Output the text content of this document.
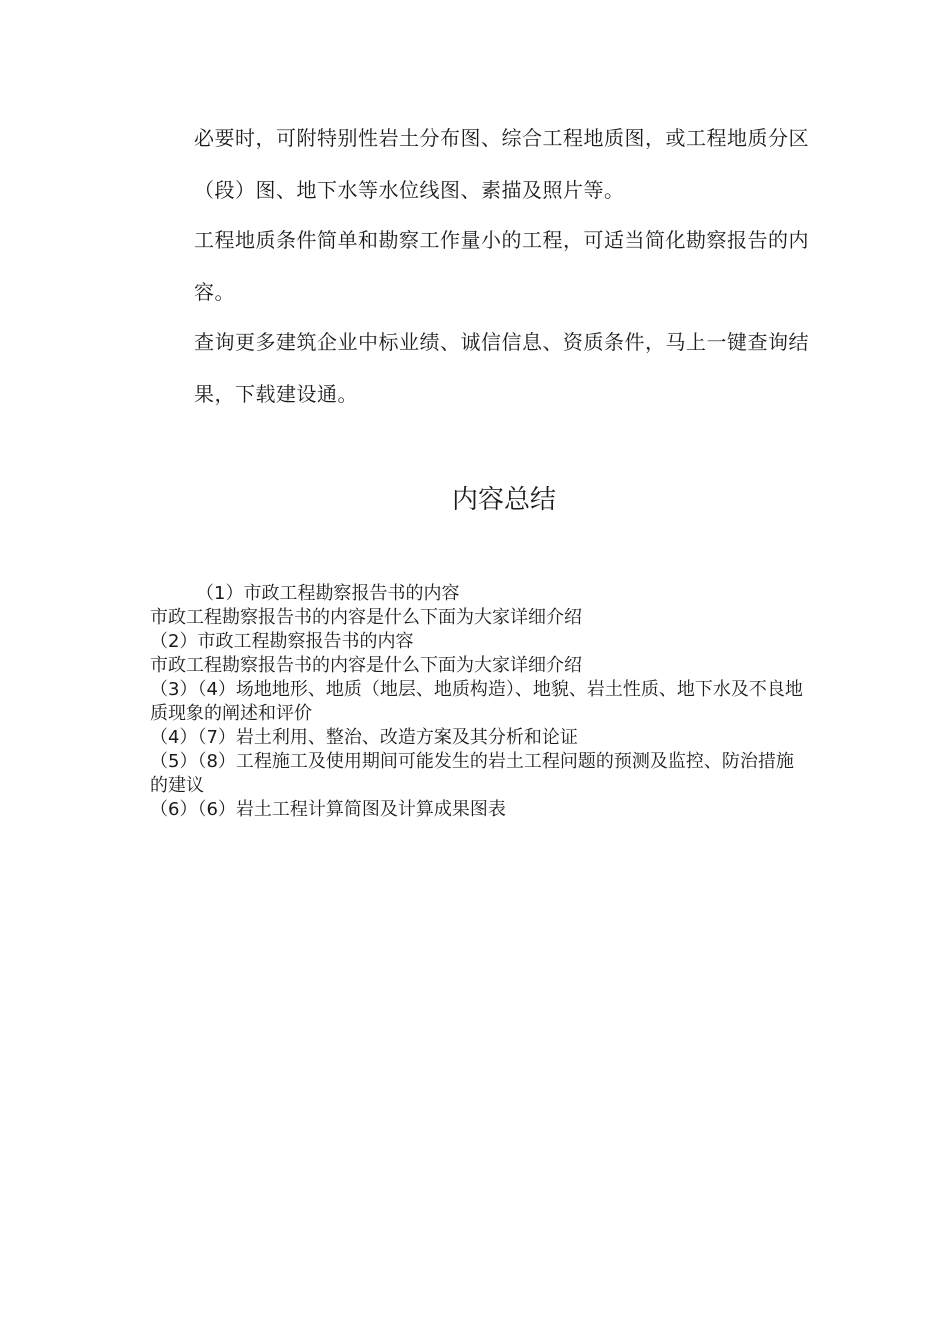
必要时，可附特别性岩土分布图、综合工程地质图，或工程地质分区（段）图、地下水等水位线图、素描及照片等。

工程地质条件简单和勘察工作量小的工程，可适当简化勘察报告的内容。

查询更多建筑企业中标业绩、诚信信息、资质条件，马上一键查询结果，下载建设通。

内容总结
（1）市政工程勘察报告书的内容
市政工程勘察报告书的内容是什么下面为大家详细介绍
（2）市政工程勘察报告书的内容
市政工程勘察报告书的内容是什么下面为大家详细介绍
（3）（4）场地地形、地质（地层、地质构造）、地貌、岩土性质、地下水及不良地质现象的阐述和评价
（4）（7）岩土利用、整治、改造方案及其分析和论证
（5）（8）工程施工及使用期间可能发生的岩土工程问题的预测及监控、防治措施的建议
（6）（6）岩土工程计算简图及计算成果图表
